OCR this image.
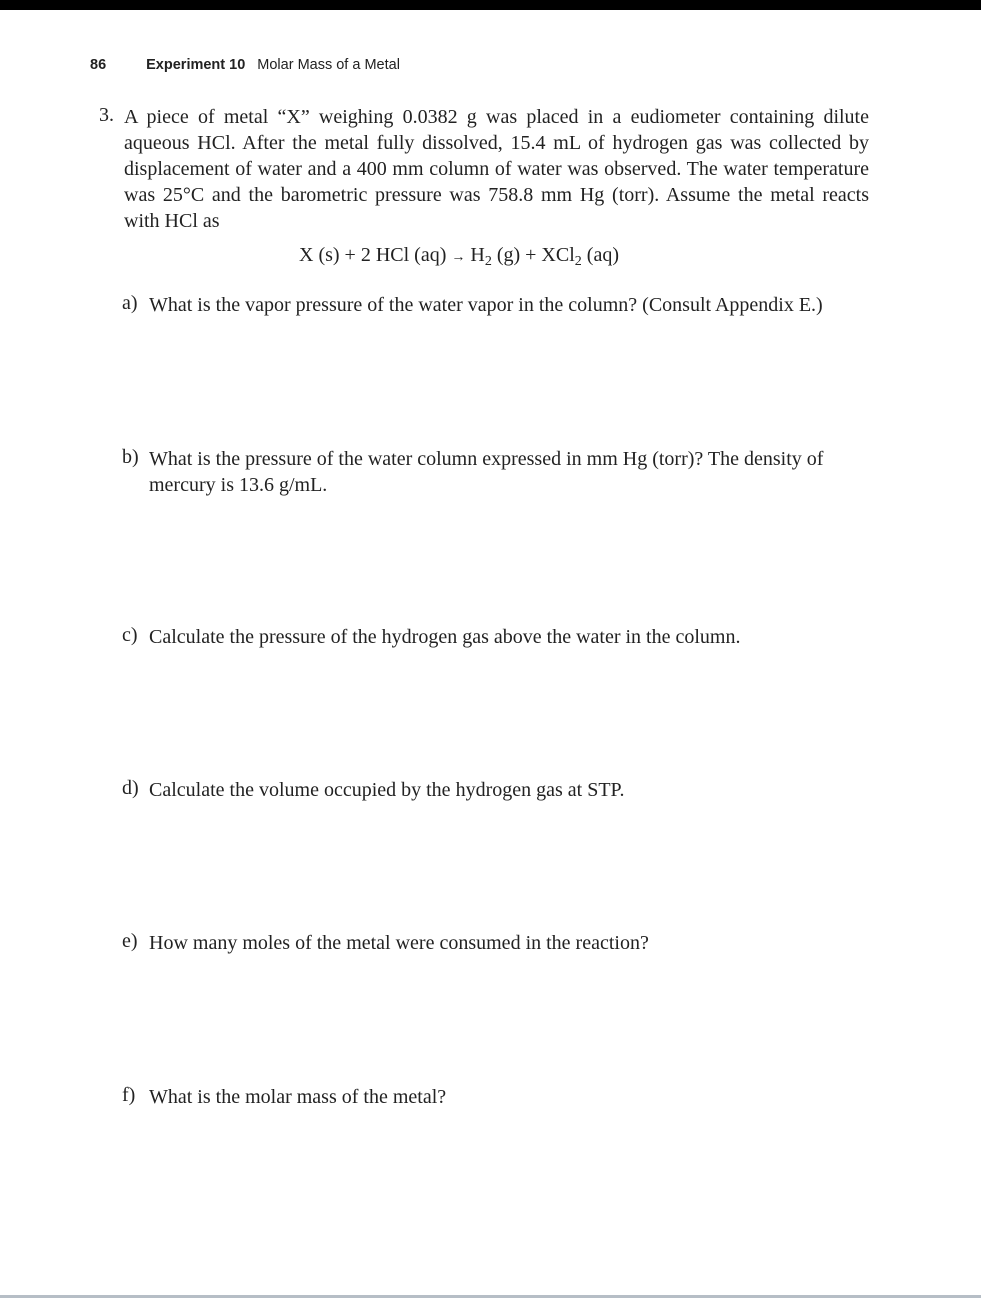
86	Experiment 10 Molar Mass of a Metal
3. A piece of metal “X” weighing 0.0382 g was placed in a eudiometer containing dilute aqueous HCl. After the metal fully dissolved, 15.4 mL of hydrogen gas was collected by displacement of water and a 400 mm column of water was observed. The water temperature was 25°C and the barometric pressure was 758.8 mm Hg (torr). Assume the metal reacts with HCl as

X (s) + 2 HCl $(aq) \to H_2$ (g) + XCl$_2$ (aq)
a) What is the vapor pressure of the water vapor in the column? (Consult Appendix E.)

b) What is the pressure of the water column expressed in mm Hg (torr)? The density of mercury is 13.6 g/mL.

c) Calculate the pressure of the hydrogen gas above the water in the column.

d) Calculate the volume occupied by the hydrogen gas at STP.

e) How many moles of the metal were consumed in the reaction?

f) What is the molar mass of the metal?
